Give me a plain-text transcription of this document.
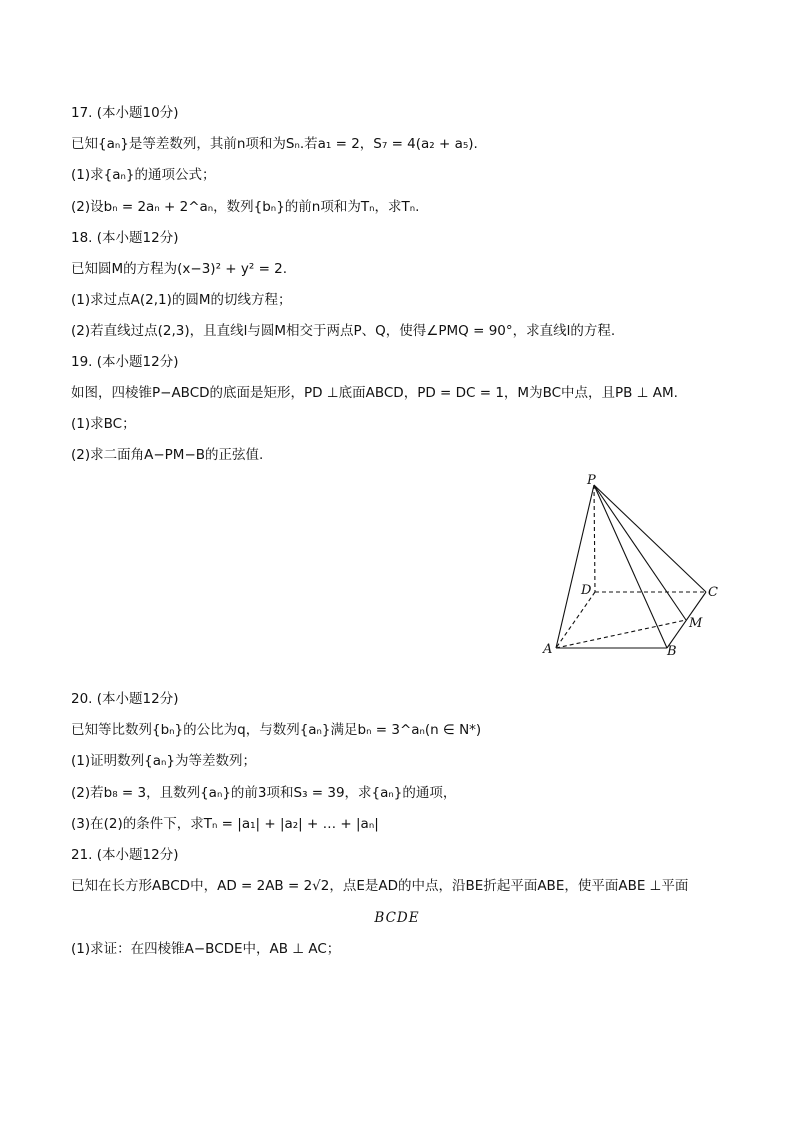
17. (本小题10分)
已知{aₙ}是等差数列，其前n项和为Sₙ.若a₁ = 2，S₇ = 4(a₂ + a₅).
(1)求{aₙ}的通项公式；
(2)设bₙ = 2aₙ + 2^aₙ，数列{bₙ}的前n项和为Tₙ，求Tₙ.
18. (本小题12分)
已知圆M的方程为(x−3)² + y² = 2.
(1)求过点A(2,1)的圆M的切线方程；
(2)若直线过点(2,3)，且直线l与圆M相交于两点P、Q，使得∠PMQ = 90°，求直线l的方程.
19. (本小题12分)
如图，四棱锥P−ABCD的底面是矩形，PD ⊥底面ABCD，PD = DC = 1，M为BC中点，且PB ⊥ AM.
(1)求BC；
(2)求二面角A−PM−B的正弦值.
P
D	C
M
A	B
20. (本小题12分)
已知等比数列{bₙ}的公比为q，与数列{aₙ}满足bₙ = 3^aₙ(n ∈ N*)
(1)证明数列{aₙ}为等差数列；
(2)若b₈ = 3，且数列{aₙ}的前3项和S₃ = 39，求{aₙ}的通项，
(3)在(2)的条件下，求Tₙ = |a₁| + |a₂| + … + |aₙ|
21. (本小题12分)
已知在长方形ABCD中，AD = 2AB = 2√2，点E是AD的中点，沿BE折起平面ABE，使平面ABE ⊥平面
BCDE
(1)求证：在四棱锥A−BCDE中，AB ⊥ AC；
